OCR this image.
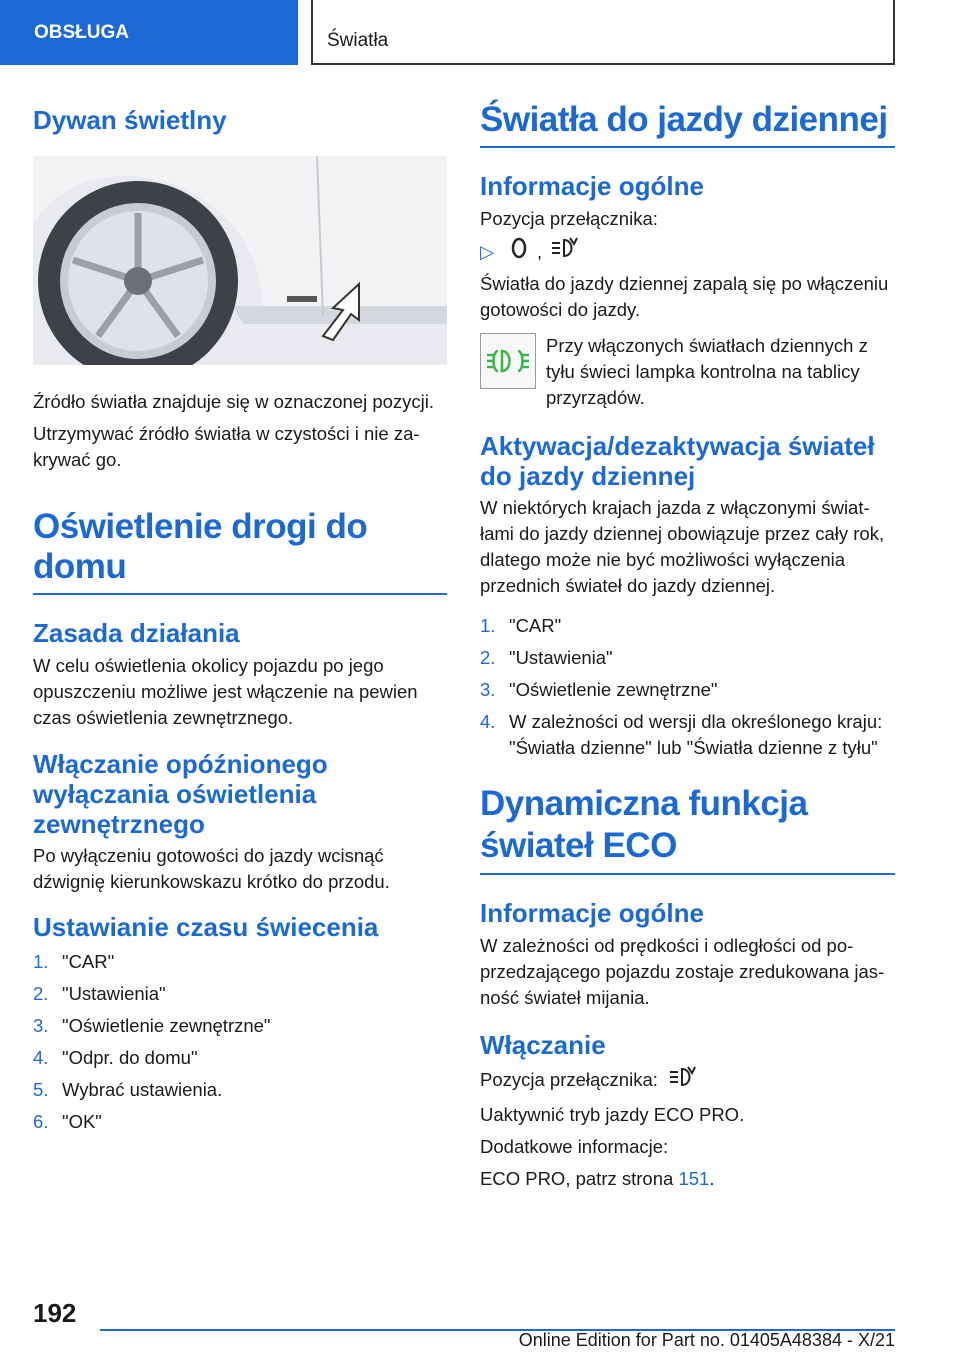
OBSŁUGA	Światła
Dywan świetlny

Źródło światła znajduje się w oznaczonej pozycji.

Utrzymywać źródło światła w czystości i nie za-krywać go.

Oświetlenie drogi do domu
Zasada działania

W celu oświetlenia okolicy pojazdu po jego opuszczeniu możliwe jest włączenie na pewien czas oświetlenia zewnętrznego.

Włączanie opóźnionego wyłączania oświetlenia zewnętrznego

Po wyłączeniu gotowości do jazdy wcisnąć dźwignię kierunkowskazu krótko do przodu.

Ustawianie czasu świecenia
1. "CAR"
2. "Ustawienia"
3. "Oświetlenie zewnętrzne"
4. "Odpr. do domu"
5. Wybrać ustawienia.
6. "OK"
Światła do jazdy dziennej
Informacje ogólne

Pozycja przełącznika:

▷	,

Światła do jazdy dziennej zapalą się po włączeniu gotowości do jazdy.

Przy włączonych światłach dziennych z tyłu świeci lampka kontrolna na tablicy przyrządów.

Aktywacja/dezaktywacja świateł do jazdy dziennej

W niektórych krajach jazda z włączonymi świat-łami do jazdy dziennej obowiązuje przez cały rok, dlatego może nie być możliwości wyłączenia przednich świateł do jazdy dziennej.

1. "CAR"
2. "Ustawienia"
3. "Oświetlenie zewnętrzne"
4. W zależności od wersji dla określonego kraju: "Światła dzienne" lub "Światła dzienne z tyłu"
Dynamiczna funkcja świateł ECO
Informacje ogólne

W zależności od prędkości i odległości od po-przedzającego pojazdu zostaje zredukowana jas-ność świateł mijania.

Włączanie

Pozycja przełącznika:

Uaktywnić tryb jazdy ECO PRO.

Dodatkowe informacje:

ECO PRO, patrz strona 151.

192
Online Edition for Part no. 01405A48384 - X/21
